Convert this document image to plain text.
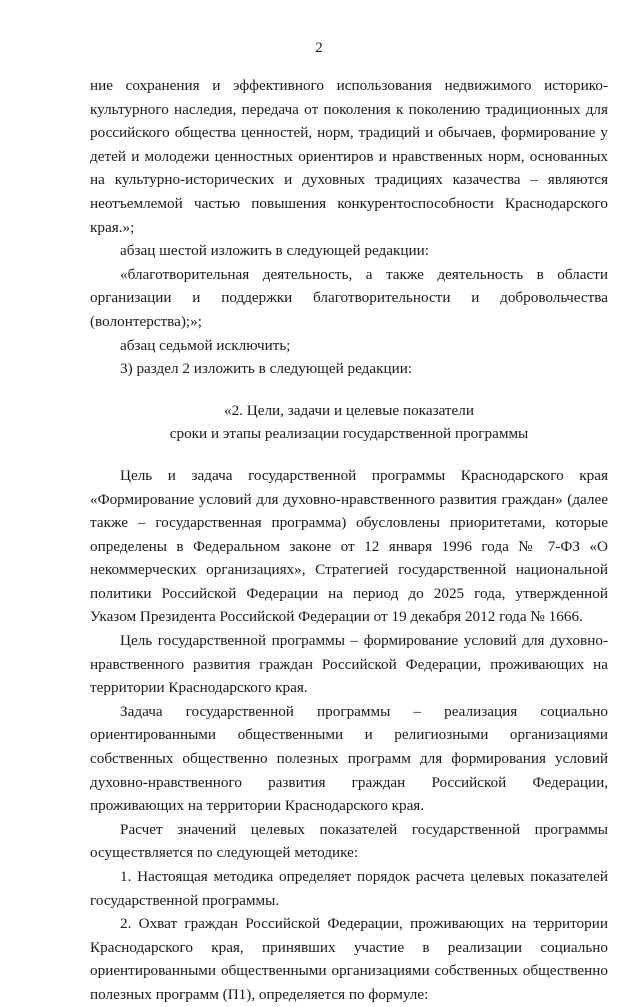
2

ние сохранения и эффективного использования недвижимого историко-культурного наследия, передача от поколения к поколению традиционных для российского общества ценностей, норм, традиций и обычаев, формирование у детей и молодежи ценностных ориентиров и нравственных норм, основанных на культурно-исторических и духовных традициях казачества – являются неотъемлемой частью повышения конкурентоспособности Краснодарского края.»;

абзац шестой изложить в следующей редакции:

«благотворительная деятельность, а также деятельность в области организации и поддержки благотворительности и добровольчества (волонтерства);»;

абзац седьмой исключить;

3) раздел 2 изложить в следующей редакции:

«2. Цели, задачи и целевые показатели
сроки и этапы реализации государственной программы

Цель и задача государственной программы Краснодарского края «Формирование условий для духовно-нравственного развития граждан» (далее также – государственная программа) обусловлены приоритетами, которые определены в Федеральном законе от 12 января 1996 года № 7-ФЗ «О некоммерческих организациях», Стратегией государственной национальной политики Российской Федерации на период до 2025 года, утвержденной Указом Президента Российской Федерации от 19 декабря 2012 года № 1666.

Цель государственной программы – формирование условий для духовно-нравственного развития граждан Российской Федерации, проживающих на территории Краснодарского края.

Задача государственной программы – реализация социально ориентированными общественными и религиозными организациями собственных общественно полезных программ для формирования условий духовно-нравственного развития граждан Российской Федерации, проживающих на территории Краснодарского края.

Расчет значений целевых показателей государственной программы осуществляется по следующей методике:

1. Настоящая методика определяет порядок расчета целевых показателей государственной программы.

2. Охват граждан Российской Федерации, проживающих на территории Краснодарского края, принявших участие в реализации социально ориентированными общественными организациями собственных общественно полезных программ (П1), определяется по формуле:
